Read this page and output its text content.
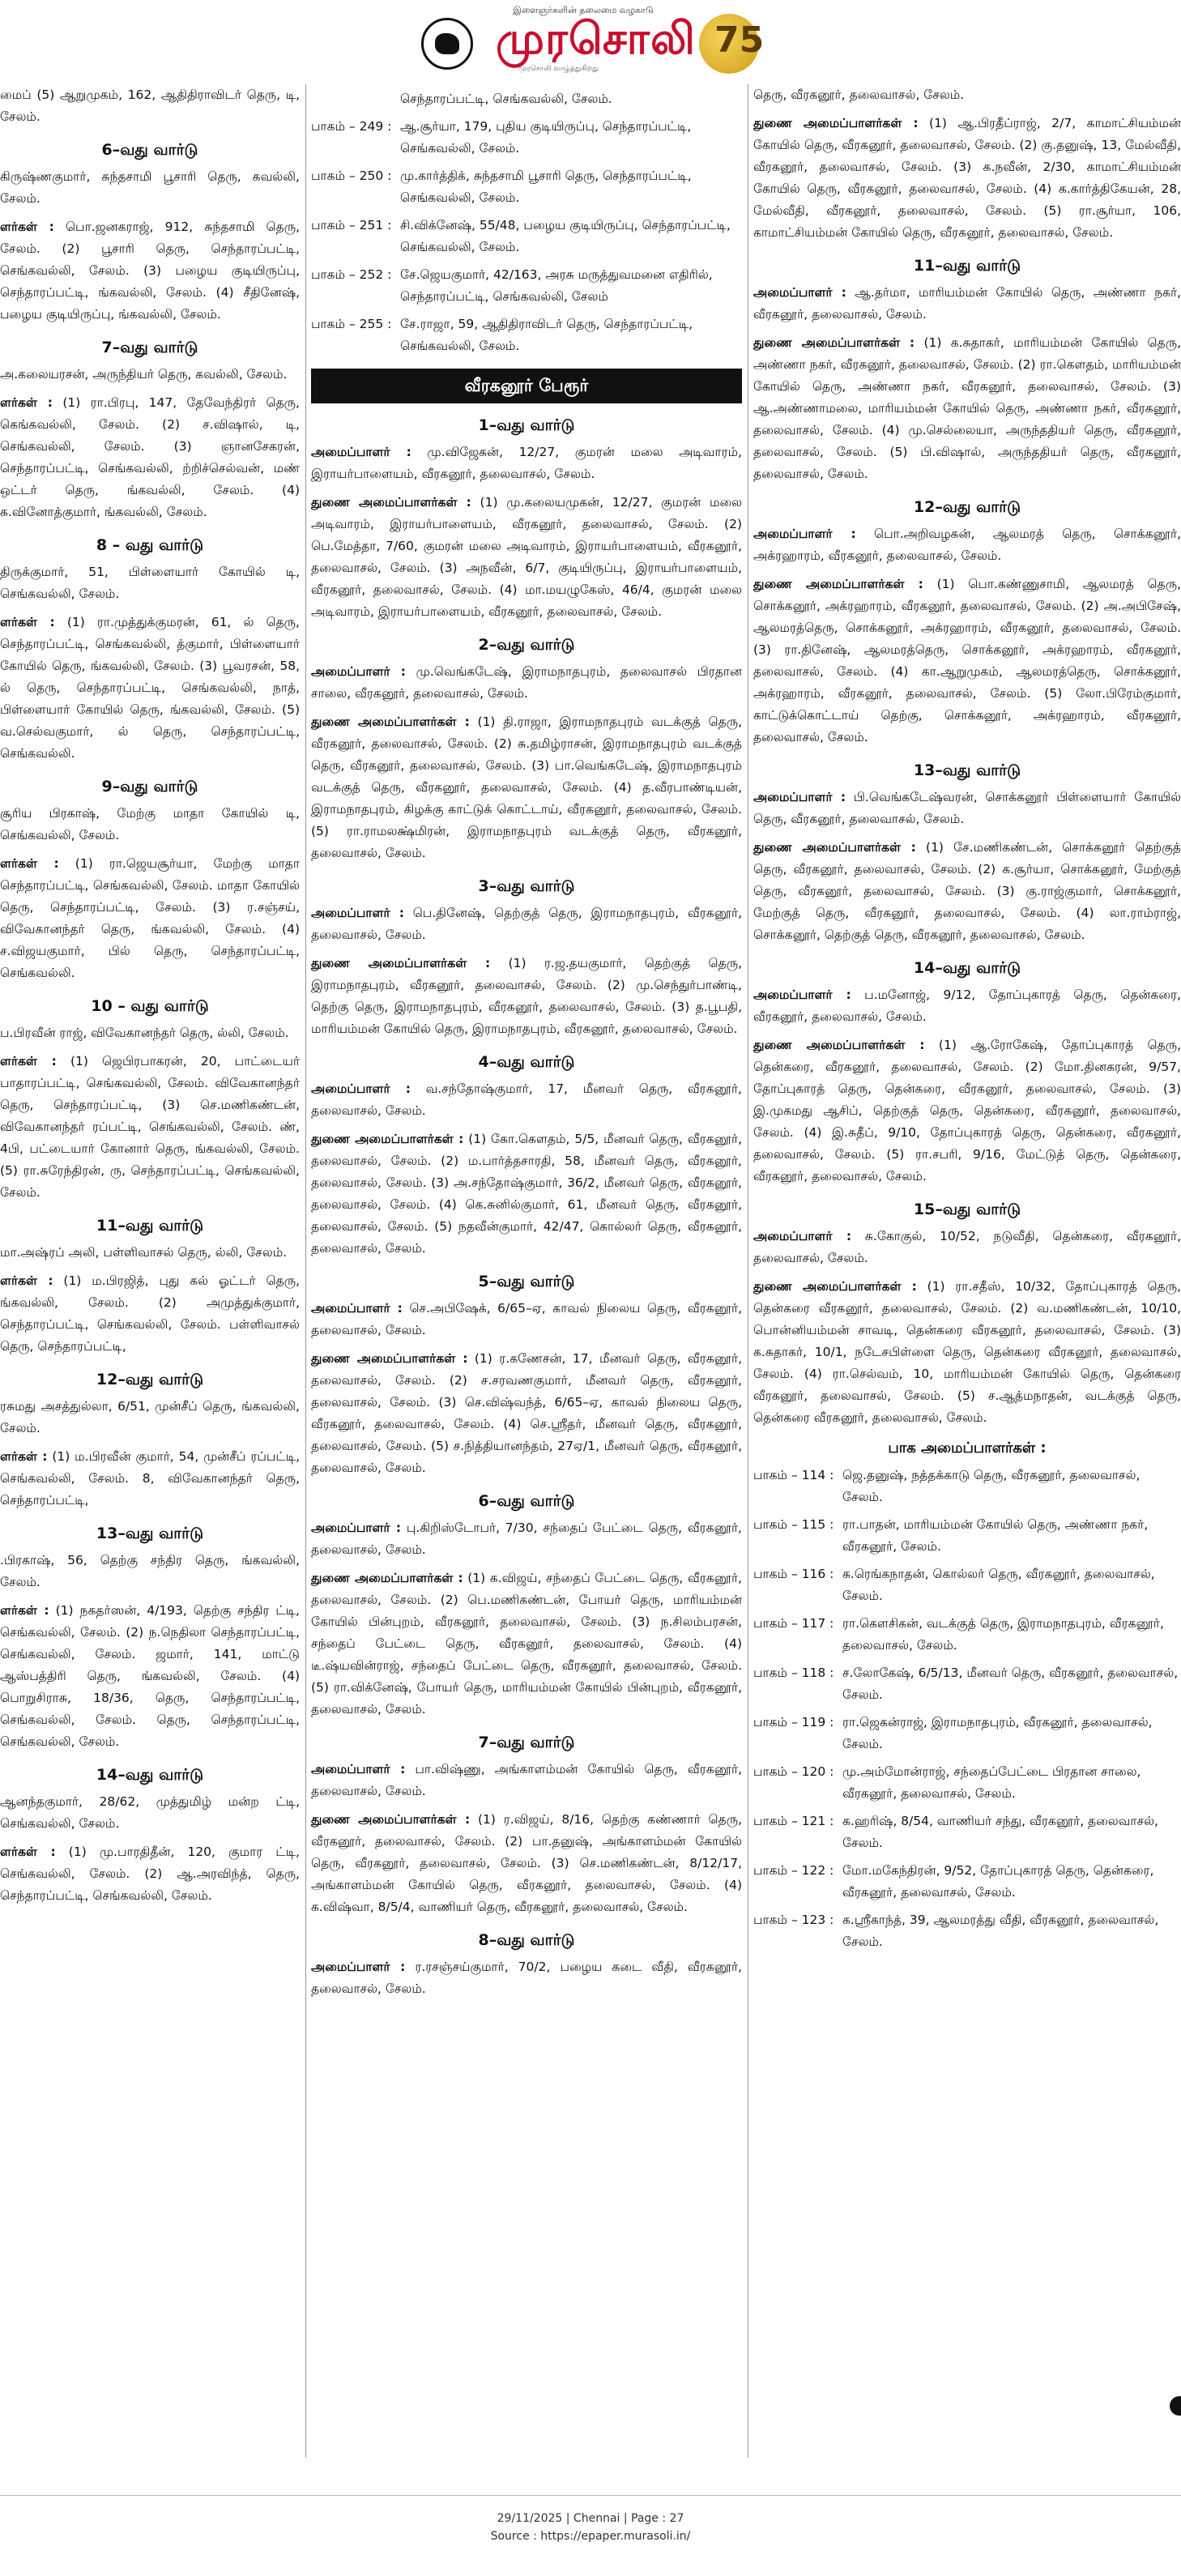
இளைஞர்களின் தலைமை வழகாடு
முரசொலி
முரசொலி வாழ்த்துகிறது
75

மைப் (5) ஆறுமுகம், 162, ஆதிதிராவிடர் தெரு, டி, சேலம்.

6–வது வார்டு

கிருஷ்ணகுமார், சுந்தசாமி பூசாரி தெரு, கவல்லி, சேலம்.

ளர்கள் : பொ.ஜனகராஜ், 912, சுந்தசாமி தெரு, சேலம். (2) பூசாரி தெரு, செந்தாரப்பட்டி, செங்கவல்லி, சேலம். (3) பழைய குடியிருப்பு, செந்தாரப்பட்டி, ங்கவல்லி, சேலம். (4) சீதினேஷ், பழைய குடியிருப்பு, ங்கவல்லி, சேலம்.

7–வது வார்டு

அ.கலையரசன், அருந்தியர் தெரு, கவல்லி, சேலம்.

ளர்கள் : (1) ரா.பிரபு, 147, தேவேந்திரர் தெரு, கெங்கவல்லி, சேலம். (2) ச.விஷால், டி, செங்கவல்லி, சேலம். (3) ஞானசேகரன், செந்தாரப்பட்டி, செங்கவல்லி, ற்றிச்செல்வன், மண் ஒட்டர் தெரு, ங்கவல்லி, சேலம். (4) க.வினோத்குமார், ங்கவல்லி, சேலம்.

8 – வது வார்டு

திருக்குமார், 51, பிள்ளையார் கோயில் டி, செங்கவல்லி, சேலம்.

ளர்கள் : (1) ரா.முத்துக்குமரன், 61, ல் தெரு, செந்தாரப்பட்டி, செங்கவல்லி, த்குமார், பிள்ளையார் கோயில் தெரு, ங்கவல்லி, சேலம். (3) பூவரசன், 58, ல் தெரு, செந்தாரப்பட்டி, செங்கவல்லி, நாத், பிள்ளையார் கோயில் தெரு, ங்கவல்லி, சேலம். (5) வ.செல்வகுமார், ல் தெரு, செந்தாரப்பட்டி, செங்கவல்லி.

9–வது வார்டு

சூரிய பிரகாஷ், மேற்கு மாதா கோயில் டி, செங்கவல்லி, சேலம்.

ளர்கள் : (1) ரா.ஜெயசூர்யா, மேற்கு மாதா செந்தாரப்பட்டி, செங்கவல்லி, சேலம். மாதா கோயில் தெரு, செந்தாரப்பட்டி, சேலம். (3) ர.சஞ்சய், விவேகானந்தர் தெரு, ங்கவல்லி, சேலம். (4) ச.விஜயகுமார், பில் தெரு, செந்தாரப்பட்டி, செங்கவல்லி.

10 – வது வார்டு

ப.பிரவீன் ராஜ், விவேகானந்தர் தெரு, ல்லி, சேலம்.

ளர்கள் : (1) ஜெபிரபாகரன், 20, பாட்டையர் பாதாரப்பட்டி, செங்கவல்லி, சேலம். விவேகானந்தர் தெரு, செந்தாரப்பட்டி, (3) செ.மணிகண்டன், விவேகானந்தர் ரப்பட்டி, செங்கவல்லி, சேலம். ண், 4பி, பட்டையார் கோனார் தெரு, ங்கவல்லி, சேலம். (5) ரா.சுரேந்திரன், ரு, செந்தாரப்பட்டி, செங்கவல்லி, சேலம்.

11–வது வார்டு

மா.அஷ்ரப் அலி, பள்ளிவாசல் தெரு, ல்லி, சேலம்.

ளர்கள் : (1) ம.பிரஜித், புது கல் ஓட்டர் தெரு, ங்கவல்லி, சேலம். (2) அமுத்துக்குமார், செந்தாரப்பட்டி, செங்கவல்லி, சேலம். பள்ளிவாசல் தெரு, செந்தாரப்பட்டி,

12–வது வார்டு

ரசுமது அசத்துல்லா, 6/51, முன்சீப் தெரு, ங்கவல்லி, சேலம்.

ளர்கள் : (1) ம.பிரவீன் குமார், 54, முன்சீப் ரப்பட்டி, செங்கவல்லி, சேலம். 8, விவேகானந்தர் தெரு, செந்தாரப்பட்டி,

13–வது வார்டு

.பிரகாஷ், 56, தெற்கு சந்திர தெரு, ங்கவல்லி, சேலம்.

ளர்கள் : (1) நகதர்ஸன், 4/193, தெற்கு சந்திர ட்டி, செங்கவல்லி, சேலம். (2) ந.நெதிலா செந்தாரப்பட்டி, செங்கவல்லி, சேலம். ஜமார், 141, மாட்டு ஆஸ்பத்திரி தெரு, ங்கவல்லி, சேலம். (4) பொறுசிராசு, 18/36, தெரு, செந்தாரப்பட்டி, செங்கவல்லி, சேலம். தெரு, செந்தாரப்பட்டி, செங்கவல்லி, சேலம்.

14–வது வார்டு

ஆனந்தகுமார், 28/62, முத்துமிழ் மன்ற ட்டி, செங்கவல்லி, சேலம்.

ளர்கள் : (1) மு.பாரதிதீன், 120, குமார ட்டி, செங்கவல்லி, சேலம். (2) ஆ.அரவிந்த், தெரு, செந்தாரப்பட்டி, செங்கவல்லி, சேலம்.

	செந்தாரப்பட்டி, செங்கவல்லி, சேலம்.
பாகம் – 249 :	ஆ.சூர்யா, 179, புதிய குடியிருப்பு, செந்தாரப்பட்டி, செங்கவல்லி, சேலம்.
பாகம் – 250 :	மு.கார்த்திக், சுந்தசாமி பூசாரி தெரு, செந்தாரப்பட்டி, செங்கவல்லி, சேலம்.
பாகம் – 251 :	சி.விக்னேஷ், 55/48, பழைய குடியிருப்பு, செந்தாரப்பட்டி, செங்கவல்லி, சேலம்.
பாகம் – 252 :	சே.ஜெயகுமார், 42/163, அரசு மருத்துவமனை எதிரில், செந்தாரப்பட்டி, செங்கவல்லி, சேலம்
பாகம் – 255 :	சே.ராஜா, 59, ஆதிதிராவிடர் தெரு, செந்தாரப்பட்டி, செங்கவல்லி, சேலம்.
வீரகனூர் பேரூர்
1–வது வார்டு

அமைப்பாளர் : மு.விஜேகன், 12/27, குமரன் மலை அடிவாரம், இராயர்பாளையம், வீரகனூர், தலைவாசல், சேலம்.

துணை அமைப்பாளர்கள் : (1) மு.கலையமுகன், 12/27, குமரன் மலை அடிவாரம், இராயர்பாளையம், வீரகனூர், தலைவாசல், சேலம். (2) பெ.மேத்தா, 7/60, குமரன் மலை அடிவாரம், இராயர்பாளையம், வீரகனூர், தலைவாசல், சேலம். (3) அநவீன், 6/7, குடியிருப்பு, இராயர்பாளையம், வீரகனூர், தலைவாசல், சேலம். (4) மா.மயழுகேஸ், 46/4, குமரன் மலை அடிவாரம், இராயர்பாளையம், வீரகனூர், தலைவாசல், சேலம்.

2–வது வார்டு

அமைப்பாளர் : மு.வெங்கடேஷ், இராமநாதபுரம், தலைவாசல் பிரதான சாலை, வீரகனூர், தலைவாசல், சேலம்.

துணை அமைப்பாளர்கள் : (1) தி.ராஜா, இராமநாதபுரம் வடக்குத் தெரு, வீரகனூர், தலைவாசல், சேலம். (2) சு.தமிழ்ராசன், இராமநாதபுரம் வடக்குத் தெரு, வீரகனூர், தலைவாசல், சேலம். (3) பா.வெங்கடேஷ், இராமநாதபுரம் வடக்குத் தெரு, வீரகனூர், தலைவாசல், சேலம். (4) த.வீரபாண்டியன், இராமநாதபுரம், கிழக்கு காட்டுக் கொட்டாய், வீரகனூர், தலைவாசல், சேலம். (5) ரா.ராமலக்ஷ்மிரன், இராமநாதபுரம் வடக்குத் தெரு, வீரகனூர், தலைவாசல், சேலம்.

3–வது வார்டு

அமைப்பாளர் : பெ.தினேஷ், தெற்குத் தெரு, இராமநாதபுரம், வீரகனூர், தலைவாசல், சேலம்.

துணை அமைப்பாளர்கள் : (1) ர.ஜ.தயகுமார், தெற்குத் தெரு, இராமநாதபுரம், வீரகனூர், தலைவாசல், சேலம். (2) மு.செந்துர்பாண்டி, தெற்கு தெரு, இராமநாதபுரம், வீரகனூர், தலைவாசல், சேலம். (3) த.பூபதி, மாரியம்மன் கோயில் தெரு, இராமநாதபுரம், வீரகனூர், தலைவாசல், சேலம்.

4–வது வார்டு

அமைப்பாளர் : வ.சந்தோஷ்குமார், 17, மீனவர் தெரு, வீரகனூர், தலைவாசல், சேலம்.

துணை அமைப்பாளர்கள் : (1) கோ.கௌதம், 5/5, மீனவர் தெரு, வீரகனூர், தலைவாசல், சேலம். (2) ம.பார்த்தசாரதி, 58, மீனவர் தெரு, வீரகனூர், தலைவாசல், சேலம். (3) அ.சந்தோஷ்குமார், 36/2, மீனவர் தெரு, வீரகனூர், தலைவாசல், சேலம். (4) கெ.சுனில்குமார், 61, மீனவர் தெரு, வீரகனூர், தலைவாசல், சேலம். (5) நதவீன்குமார், 42/47, கொல்லர் தெரு, வீரகனூர், தலைவாசல், சேலம்.

5–வது வார்டு

அமைப்பாளர் : செ.அபிஷேக், 6/65–ஏ, காவல் நிலைய தெரு, வீரகனூர், தலைவாசல், சேலம்.

துணை அமைப்பாளர்கள் : (1) ர.கணேசன், 17, மீனவர் தெரு, வீரகனூர், தலைவாசல், சேலம். (2) ச.சரவணகுமார், மீனவர் தெரு, வீரகனூர், தலைவாசல், சேலம். (3) செ.விஷ்வந்த், 6/65–ஏ, காவல் நிலைய தெரு, வீரகனூர், தலைவாசல், சேலம். (4) செ.ஸ்ரீதர், மீனவர் தெரு, வீரகனூர், தலைவாசல், சேலம். (5) ச.நித்தியானந்தம், 27ஏ/1, மீனவர் தெரு, வீரகனூர், தலைவாசல், சேலம்.

6–வது வார்டு

அமைப்பாளர் : பு.கிறிஸ்டோபர், 7/30, சந்தைப் பேட்டை தெரு, வீரகனூர், தலைவாசல், சேலம்.

துணை அமைப்பாளர்கள் : (1) க.விஜய், சந்தைப் பேட்டை தெரு, வீரகனூர், தலைவாசல், சேலம். (2) பெ.மணிகண்டன், போயர் தெரு, மாரியம்மன் கோயில் பின்புறம், வீரகனூர், தலைவாசல், சேலம். (3) ந.சிலம்பரசன், சந்தைப் பேட்டை தெரு, வீரகனூர், தலைவாசல், சேலம். (4) டீ.ஷ்யவின்ராஜ், சந்தைப் பேட்டை தெரு, வீரகனூர், தலைவாசல், சேலம். (5) ரா.விக்னேஷ், போயர் தெரு, மாரியம்மன் கோயில் பின்புறம், வீரகனூர், தலைவாசல், சேலம்.

7–வது வார்டு

அமைப்பாளர் : பா.விஷ்ணு, அங்காளம்மன் கோயில் தெரு, வீரகனூர், தலைவாசல், சேலம்.

துணை அமைப்பாளர்கள் : (1) ர.விஜய், 8/16, தெற்கு கண்ணார் தெரு, வீரகனூர், தலைவாசல், சேலம். (2) பா.தனுஷ், அங்காளம்மன் கோயில் தெரு, வீரகனூர், தலைவாசல், சேலம். (3) செ.மணிகண்டன், 8/12/17, அங்காளம்மன் கோயில் தெரு, வீரகனூர், தலைவாசல், சேலம். (4) க.விஷ்வா, 8/5/4, வாணியர் தெரு, வீரகனூர், தலைவாசல், சேலம்.

8–வது வார்டு

அமைப்பாளர் : ர.ரசஞ்சய்குமார், 70/2, பழைய கடை வீதி, வீரகனூர், தலைவாசல், சேலம்.

தெரு, வீரகனூர், தலைவாசல், சேலம்.

துணை அமைப்பாளர்கள் : (1) ஆ.பிரதீப்ராஜ், 2/7, காமாட்சியம்மன் கோயில் தெரு, வீரகனூர், தலைவாசல், சேலம். (2) கு.தனுஷ், 13, மேல்வீதி, வீரகனூர், தலைவாசல், சேலம். (3) க.நவீன், 2/30, காமாட்சியம்மன் கோயில் தெரு, வீரகனூர், தலைவாசல், சேலம். (4) க.கார்த்திகேயன், 28, மேல்வீதி, வீரகனூர், தலைவாசல், சேலம். (5) ரா.சூர்யா, 106, காமாட்சியம்மன் கோயில் தெரு, வீரகனூர், தலைவாசல், சேலம்.

11–வது வார்டு

அமைப்பாளர் : ஆ.தர்மா, மாரியம்மன் கோயில் தெரு, அண்ணா நகர், வீரகனூர், தலைவாசல், சேலம்.

துணை அமைப்பாளர்கள் : (1) க.சுதாகர், மாரியம்மன் கோயில் தெரு, அண்ணா நகர், வீரகனூர், தலைவாசல், சேலம். (2) ரா.கௌதம், மாரியம்மன் கோயில் தெரு, அண்ணா நகர், வீரகனூர், தலைவாசல், சேலம். (3) ஆ.அண்ணாமலை, மாரியம்மன் கோயில் தெரு, அண்ணா நகர், வீரகனூர், தலைவாசல், சேலம். (4) மு.செல்லையா, அருந்ததியர் தெரு, வீரகனூர், தலைவாசல், சேலம். (5) பி.விஷால், அருந்ததியர் தெரு, வீரகனூர், தலைவாசல், சேலம்.

12–வது வார்டு

அமைப்பாளர் : பொ.அறிவழகன், ஆலமரத் தெரு, சொக்கனூர், அக்ரஹாரம், வீரகனூர், தலைவாசல், சேலம்.

துணை அமைப்பாளர்கள் : (1) பொ.கண்ணுசாமி, ஆலமரத் தெரு, சொக்கனூர், அக்ரஹாரம், வீரகனூர், தலைவாசல், சேலம். (2) அ.அபிசேஷ், ஆலமரத்தெரு, சொக்கனூர், அக்ரஹாரம், வீரகனூர், தலைவாசல், சேலம். (3) ரா.தினேஷ், ஆலமரத்தெரு, சொக்கனூர், அக்ரஹாரம், வீரகனூர், தலைவாசல், சேலம். (4) கா.ஆறுமுகம், ஆலமரத்தெரு, சொக்கனூர், அக்ரஹாரம், வீரகனூர், தலைவாசல், சேலம். (5) லோ.பிரேம்குமார், காட்டுக்கொட்டாய் தெற்கு, சொக்கனூர், அக்ரஹாரம், வீரகனூர், தலைவாசல், சேலம்.

13–வது வார்டு

அமைப்பாளர் : பி.வெங்கடேஷ்வரன், சொக்கனூர் பிள்ளையார் கோயில் தெரு, வீரகனூர், தலைவாசல், சேலம்.

துணை அமைப்பாளர்கள் : (1) சே.மணிகண்டன், சொக்கனூர் தெற்குத் தெரு, வீரகனூர், தலைவாசல், சேலம். (2) க.சூர்யா, சொக்கனூர், மேற்குத் தெரு, வீரகனூர், தலைவாசல், சேலம். (3) கு.ராஜ்குமார், சொக்கனூர், மேற்குத் தெரு, வீரகனூர், தலைவாசல், சேலம். (4) லா.ராம்ராஜ், சொக்கனூர், தெற்குத் தெரு, வீரகனூர், தலைவாசல், சேலம்.

14–வது வார்டு

அமைப்பாளர் : ப.மனோஜ், 9/12, தோப்புகாரத் தெரு, தென்கரை, வீரகனூர், தலைவாசல், சேலம்.

துணை அமைப்பாளர்கள் : (1) ஆ.ரோகேஷ், தோப்புகாரத் தெரு, தென்கரை, வீரகனூர், தலைவாசல், சேலம். (2) மோ.தினகரன், 9/57, தோப்புகாரத் தெரு, தென்கரை, வீரகனூர், தலைவாசல், சேலம். (3) இ.முகமது ஆசிப், தெற்குத் தெரு, தென்கரை, வீரகனூர், தலைவாசல், சேலம். (4) இ.சுதீப், 9/10, தோப்புகாரத் தெரு, தென்கரை, வீரகனூர், தலைவாசல், சேலம். (5) ரா.சபரி, 9/16, மேட்டுத் தெரு, தென்கரை, வீரகனூர், தலைவாசல், சேலம்.

15–வது வார்டு

அமைப்பாளர் : சு.கோகுல், 10/52, நடுவீதி, தென்கரை, வீரகனூர், தலைவாசல், சேலம்.

துணை அமைப்பாளர்கள் : (1) ரா.சதீஸ், 10/32, தோப்புகாரத் தெரு, தென்கரை வீரகனூர், தலைவாசல், சேலம். (2) வ.மணிகண்டன், 10/10, பொன்னியம்மன் சாவடி, தென்கரை வீரகனூர், தலைவாசல், சேலம். (3) க.சுதாகர், 10/1, நடேசபிள்ளை தெரு, தென்கரை வீரகனூர், தலைவாசல், சேலம். (4) ரா.செல்வம், 10, மாரியம்மன் கோயில் தெரு, தென்கரை வீரகனூர், தலைவாசல், சேலம். (5) ச.ஆத்மநாதன், வடக்குத் தெரு, தென்கரை வீரகனூர், தலைவாசல், சேலம்.

பாக அமைப்பாளர்கள் :
பாகம் – 114 :	ஜெ.தனுஷ், நத்தக்காடு தெரு, வீரகனூர், தலைவாசல், சேலம்.
பாகம் – 115 :	ரா.பாதன், மாரியம்மன் கோயில் தெரு, அண்ணா நகர், வீரகனூர், சேலம்.
பாகம் – 116 :	க.ரெங்கநாதன், கொல்லர் தெரு, வீரகனூர், தலைவாசல், சேலம்.
பாகம் – 117 :	ரா.கௌசிகன், வடக்குத் தெரு, இராமநாதபுரம், வீரகனூர், தலைவாசல், சேலம்.
பாகம் – 118 :	ச.லோகேஷ், 6/5/13, மீனவர் தெரு, வீரகனூர், தலைவாசல், சேலம்.
பாகம் – 119 :	ரா.ஜெகன்ராஜ், இராமநாதபுரம், வீரகனூர், தலைவாசல், சேலம்.
பாகம் – 120 :	மு.அம்மோன்ராஜ், சந்தைப்பேட்டை பிரதான சாலை, வீரகனூர், தலைவாசல், சேலம்.
பாகம் – 121 :	க.ஹரிஷ், 8/54, வாணியர் சந்து, வீரகனூர், தலைவாசல், சேலம்.
பாகம் – 122 :	மோ.மகேந்திரன், 9/52, தோப்புகாரத் தெரு, தென்கரை, வீரகனூர், தலைவாசல், சேலம்.
பாகம் – 123 :	க.ஸ்ரீகாந்த், 39, ஆலமரத்து வீதி, வீரகனூர், தலைவாசல், சேலம்.
29/11/2025 | Chennai | Page : 27
Source : https://epaper.murasoli.in/
